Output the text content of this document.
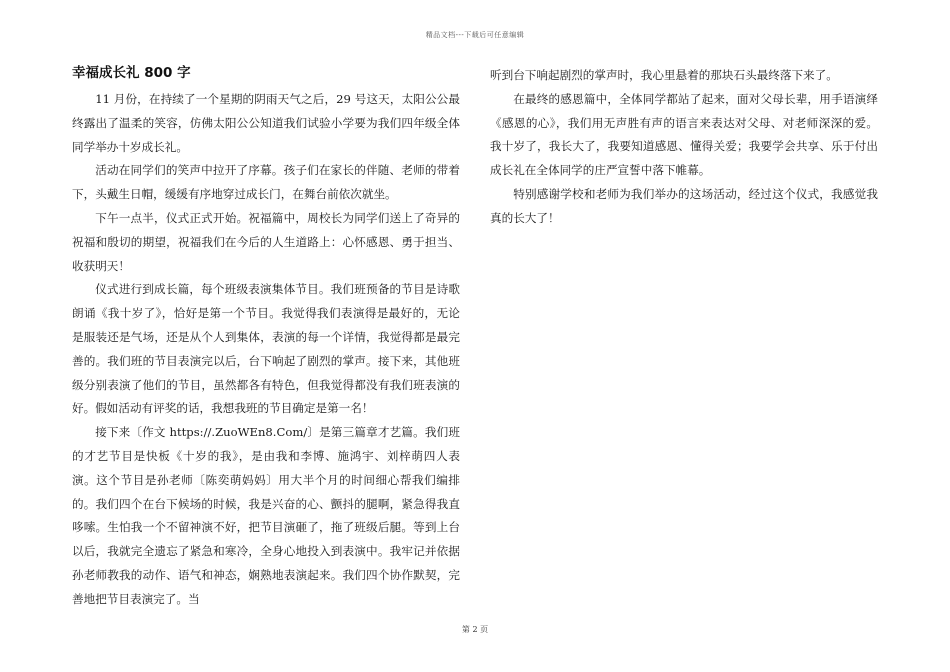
精品文档---下载后可任意编辑
幸福成长礼 800 字

11 月份，在持续了一个星期的阴雨天气之后，29 号这天，太阳公公最终露出了温柔的笑容，仿佛太阳公公知道我们试验小学要为我们四年级全体同学举办十岁成长礼。

活动在同学们的笑声中拉开了序幕。孩子们在家长的伴随、老师的带着下，头戴生日帽，缓缓有序地穿过成长门，在舞台前依次就坐。

下午一点半，仪式正式开始。祝福篇中，周校长为同学们送上了奇异的祝福和殷切的期望，祝福我们在今后的人生道路上：心怀感恩、勇于担当、收获明天！

仪式进行到成长篇，每个班级表演集体节目。我们班预备的节目是诗歌朗诵《我十岁了》，恰好是第一个节目。我觉得我们表演得是最好的，无论是服装还是气场，还是从个人到集体，表演的每一个详情，我觉得都是最完善的。我们班的节目表演完以后，台下响起了剧烈的掌声。接下来，其他班级分别表演了他们的节目，虽然都各有特色，但我觉得都没有我们班表演的好。假如活动有评奖的话，我想我班的节目确定是第一名！

接下来〔作文 https://.ZuoWEn8.Com/〕是第三篇章才艺篇。我们班的才艺节目是快板《十岁的我》，是由我和李博、施鸿宇、刘梓萌四人表演。这个节目是孙老师〔陈奕萌妈妈〕用大半个月的时间细心帮我们编排的。我们四个在台下候场的时候，我是兴奋的心、颤抖的腿啊，紧急得我直哆嗦。生怕我一个不留神演不好，把节目演砸了，拖了班级后腿。等到上台以后，我就完全遗忘了紧急和寒冷，全身心地投入到表演中。我牢记并依据孙老师教我的动作、语气和神态，娴熟地表演起来。我们四个协作默契，完善地把节目表演完了。当

听到台下响起剧烈的掌声时，我心里悬着的那块石头最终落下来了。

在最终的感恩篇中，全体同学都站了起来，面对父母长辈，用手语演绎《感恩的心》，我们用无声胜有声的语言来表达对父母、对老师深深的爱。我十岁了，我长大了，我要知道感恩、懂得关爱；我要学会共享、乐于付出成长礼在全体同学的庄严宣誓中落下帷幕。

特别感谢学校和老师为我们举办的这场活动，经过这个仪式，我感觉我真的长大了！

第 2 页
